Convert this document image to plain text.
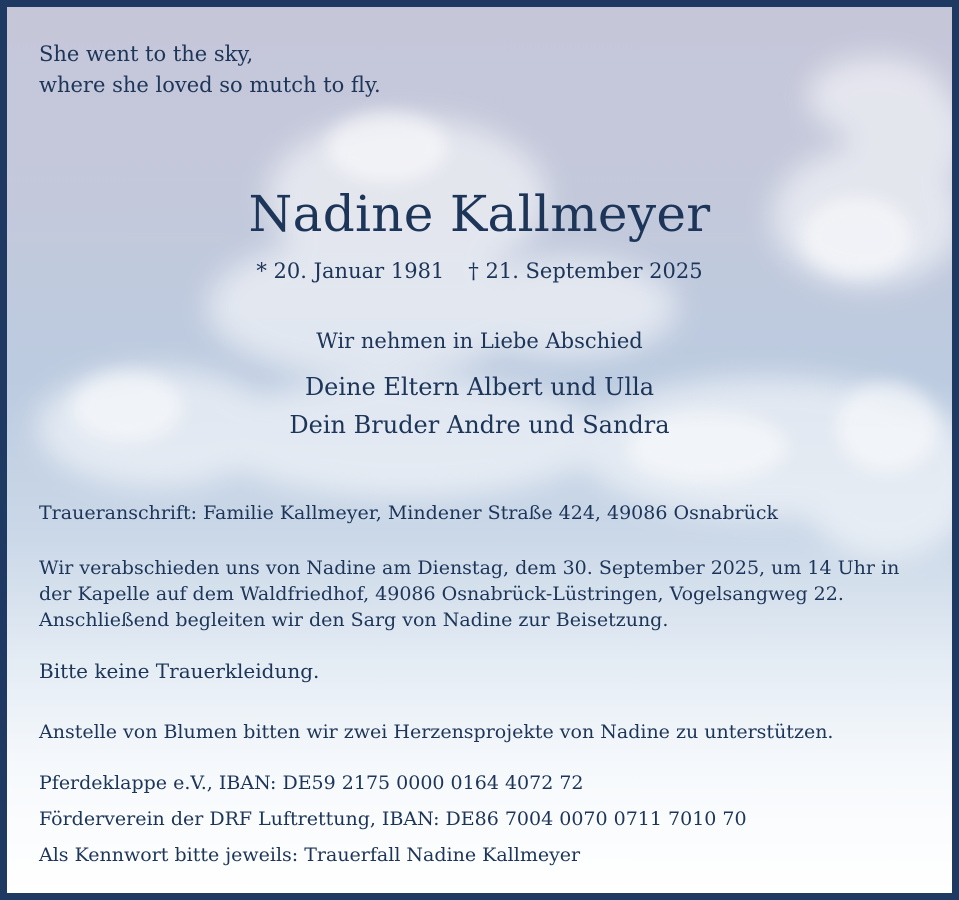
She went to the sky,
where she loved so mutch to fly.
Nadine Kallmeyer
* 20. Januar 1981 † 21. September 2025
Wir nehmen in Liebe Abschied
Deine Eltern Albert und Ulla
Dein Bruder Andre und Sandra
Traueranschrift: Familie Kallmeyer, Mindener Straße 424, 49086 Osnabrück
Wir verabschieden uns von Nadine am Dienstag, dem 30. September 2025, um 14 Uhr in
der Kapelle auf dem Waldfriedhof, 49086 Osnabrück-Lüstringen, Vogelsangweg 22.
Anschließend begleiten wir den Sarg von Nadine zur Beisetzung.
Bitte keine Trauerkleidung.
Anstelle von Blumen bitten wir zwei Herzensprojekte von Nadine zu unterstützen.
Pferdeklappe e.V., IBAN: DE59 2175 0000 0164 4072 72
Förderverein der DRF Luftrettung, IBAN: DE86 7004 0070 0711 7010 70
Als Kennwort bitte jeweils: Trauerfall Nadine Kallmeyer
